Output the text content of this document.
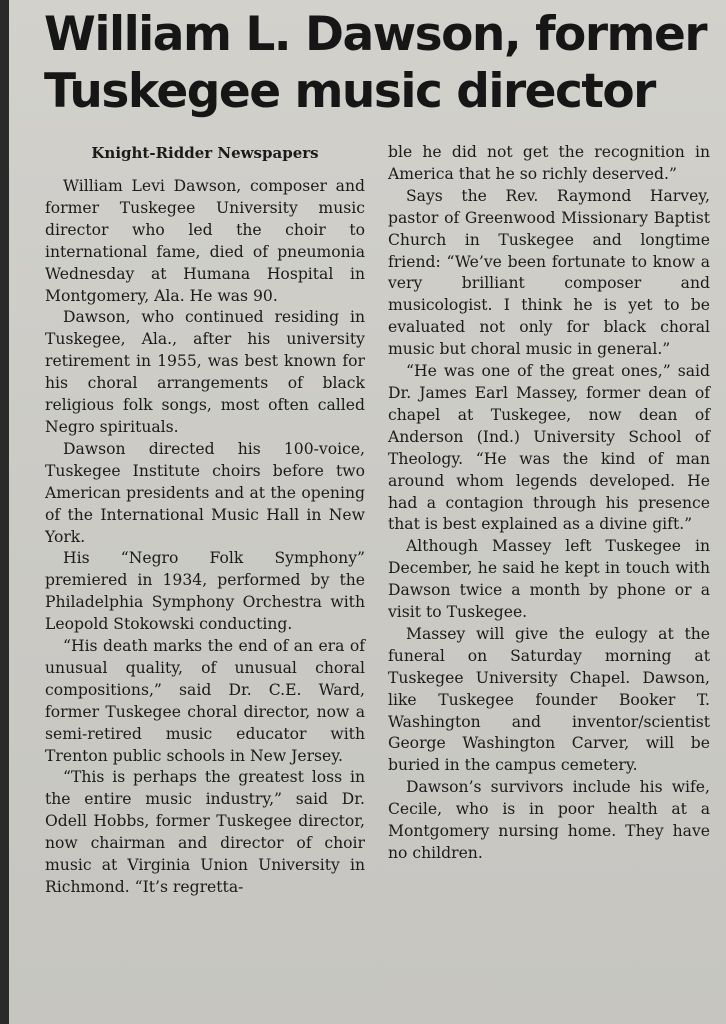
William L. Dawson, former
Tuskegee music director
Knight-Ridder Newspapers

William Levi Dawson, composer and former Tuskegee University music director who led the choir to international fame, died of pneumonia Wednesday at Humana Hospital in Montgomery, Ala. He was 90.

Dawson, who continued residing in Tuskegee, Ala., after his university retirement in 1955, was best known for his choral arrangements of black religious folk songs, most often called Negro spirituals.

Dawson directed his 100-voice, Tuskegee Institute choirs before two American presidents and at the opening of the International Music Hall in New York.

His “Negro Folk Symphony” premiered in 1934, performed by the Philadelphia Symphony Orchestra with Leopold Stokowski conducting.

“His death marks the end of an era of unusual quality, of unusual choral compositions,” said Dr. C.E. Ward, former Tuskegee choral director, now a semi-retired music educator with Trenton public schools in New Jersey.

“This is perhaps the greatest loss in the entire music industry,” said Dr. Odell Hobbs, former Tuskegee director, now chairman and director of choir music at Virginia Union University in Richmond. “It’s regretta-

ble he did not get the recognition in America that he so richly deserved.”

Says the Rev. Raymond Harvey, pastor of Greenwood Missionary Baptist Church in Tuskegee and longtime friend: “We’ve been fortunate to know a very brilliant composer and musicologist. I think he is yet to be evaluated not only for black choral music but choral music in general.”

“He was one of the great ones,” said Dr. James Earl Massey, former dean of chapel at Tuskegee, now dean of Anderson (Ind.) University School of Theology. “He was the kind of man around whom legends developed. He had a contagion through his presence that is best explained as a divine gift.”

Although Massey left Tuskegee in December, he said he kept in touch with Dawson twice a month by phone or a visit to Tuskegee.

Massey will give the eulogy at the funeral on Saturday morning at Tuskegee University Chapel. Dawson, like Tuskegee founder Booker T. Washington and inventor/scientist George Washington Carver, will be buried in the campus cemetery.

Dawson’s survivors include his wife, Cecile, who is in poor health at a Montgomery nursing home. They have no children.
